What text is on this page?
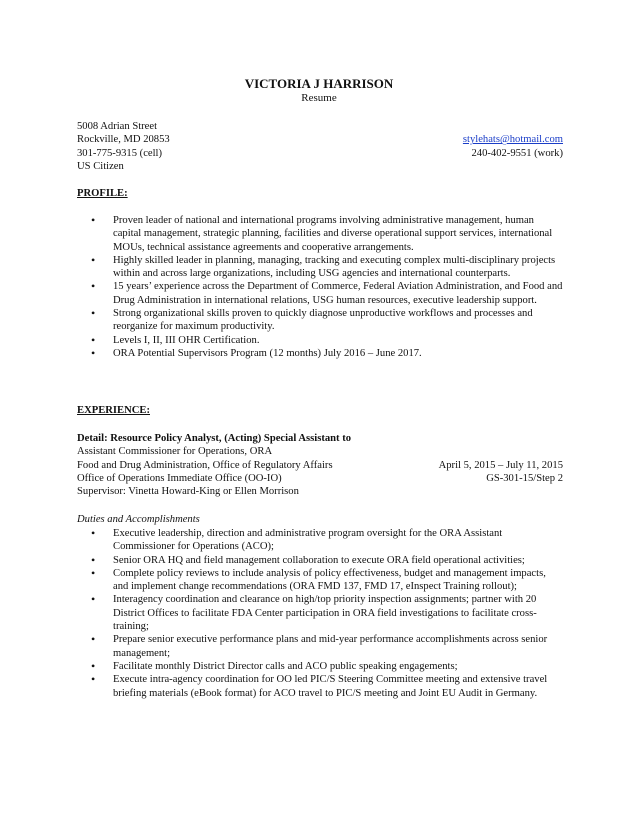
VICTORIA J HARRISON
Resume
5008 Adrian Street
Rockville, MD 20853	stylehats@hotmail.com
301-775-9315 (cell)	240-402-9551 (work)
US Citizen
PROFILE:
• Proven leader of national and international programs involving administrative management, human capital management, strategic planning, facilities and diverse operational support services, international MOUs, technical assistance agreements and cooperative arrangements.
• Highly skilled leader in planning, managing, tracking and executing complex multi-disciplinary projects within and across large organizations, including USG agencies and international counterparts.
• 15 years’ experience across the Department of Commerce, Federal Aviation Administration, and Food and Drug Administration in international relations, USG human resources, executive leadership support.
• Strong organizational skills proven to quickly diagnose unproductive workflows and processes and reorganize for maximum productivity.
• Levels I, II, III OHR Certification.
• ORA Potential Supervisors Program (12 months) July 2016 – June 2017.
EXPERIENCE:
Detail: Resource Policy Analyst, (Acting) Special Assistant to
Assistant Commissioner for Operations, ORA
Food and Drug Administration, Office of Regulatory Affairs	April 5, 2015 – July 11, 2015
Office of Operations Immediate Office (OO-IO)	GS-301-15/Step 2
Supervisor: Vinetta Howard-King or Ellen Morrison
Duties and Accomplishments
• Executive leadership, direction and administrative program oversight for the ORA Assistant Commissioner for Operations (ACO);
• Senior ORA HQ and field management collaboration to execute ORA field operational activities;
• Complete policy reviews to include analysis of policy effectiveness, budget and management impacts, and implement change recommendations (ORA FMD 137, FMD 17, eInspect Training rollout);
• Interagency coordination and clearance on high/top priority inspection assignments; partner with 20 District Offices to facilitate FDA Center participation in ORA field investigations to facilitate cross-training;
• Prepare senior executive performance plans and mid-year performance accomplishments across senior management;
• Facilitate monthly District Director calls and ACO public speaking engagements;
• Execute intra-agency coordination for OO led PIC/S Steering Committee meeting and extensive travel briefing materials (eBook format) for ACO travel to PIC/S meeting and Joint EU Audit in Germany.
